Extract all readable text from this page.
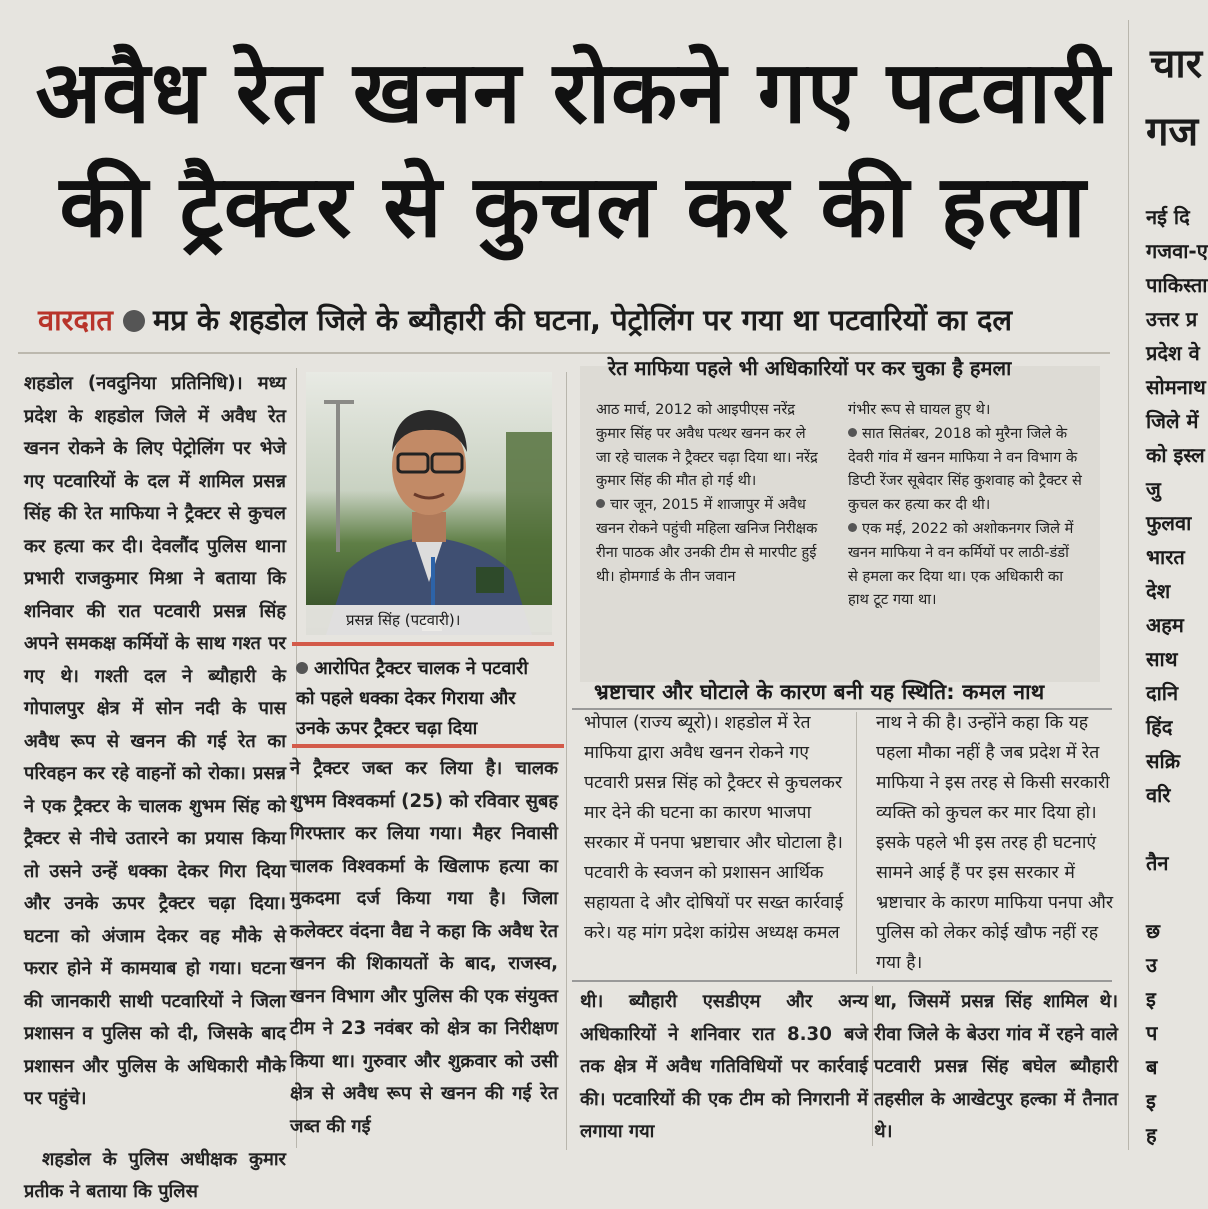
चार
गज
नई दि
गजवा-ए
पाकिस्ता
उत्तर प्र
प्रदेश वे
सोमनाथ
जिले में
को इस्ल
जु
फुलवा
भारत
देश
अहम
साथ
दानि
हिंद
सक्रि
वरि

तैन

छ
उ
इ
प
ब
इ
ह
अवैध रेत खनन रोकने गए पटवारी
की ट्रैक्टर से कुचल कर की हत्या
वारदात मप्र के शहडोल जिले के ब्यौहारी की घटना, पेट्रोलिंग पर गया था पटवारियों का दल

शहडोल (नवदुनिया प्रतिनिधि)। मध्य प्रदेश के शहडोल जिले में अवैध रेत खनन रोकने के लिए पेट्रोलिंग पर भेजे गए पटवारियों के दल में शामिल प्रसन्न सिंह की रेत माफिया ने ट्रैक्टर से कुचल कर हत्या कर दी। देवलौंद पुलिस थाना प्रभारी राजकुमार मिश्रा ने बताया कि शनिवार की रात पटवारी प्रसन्न सिंह अपने समकक्ष कर्मियों के साथ गश्त पर गए थे। गश्ती दल ने ब्यौहारी के गोपालपुर क्षेत्र में सोन नदी के पास अवैध रूप से खनन की गई रेत का परिवहन कर रहे वाहनों को रोका। प्रसन्न ने एक ट्रैक्टर के चालक शुभम सिंह को ट्रैक्टर से नीचे उतारने का प्रयास किया तो उसने उन्हें धक्का देकर गिरा दिया और उनके ऊपर ट्रैक्टर चढ़ा दिया। घटना को अंजाम देकर वह मौके से फरार होने में कामयाब हो गया। घटना की जानकारी साथी पटवारियों ने जिला प्रशासन व पुलिस को दी, जिसके बाद प्रशासन और पुलिस के अधिकारी मौके पर पहुंचे।

शहडोल के पुलिस अधीक्षक कुमार प्रतीक ने बताया कि पुलिस

प्रसन्न सिंह (पटवारी)।
आरोपित ट्रैक्टर चालक ने पटवारी को पहले धक्का देकर गिराया और उनके ऊपर ट्रैक्टर चढ़ा दिया
ने ट्रैक्टर जब्त कर लिया है। चालक शुभम विश्वकर्मा (25) को रविवार सुबह गिरफ्तार कर लिया गया। मैहर निवासी चालक विश्वकर्मा के खिलाफ हत्या का मुकदमा दर्ज किया गया है। जिला कलेक्टर वंदना वैद्य ने कहा कि अवैध रेत खनन की शिकायतों के बाद, राजस्व, खनन विभाग और पुलिस की एक संयुक्त टीम ने 23 नवंबर को क्षेत्र का निरीक्षण किया था। गुरुवार और शुक्रवार को उसी क्षेत्र से अवैध रूप से खनन की गई रेत जब्त की गई
रेत माफिया पहले भी अधिकारियों पर कर चुका है हमला

आठ मार्च, 2012 को आइपीएस नरेंद्र कुमार सिंह पर अवैध पत्थर खनन कर ले जा रहे चालक ने ट्रैक्टर चढ़ा दिया था। नरेंद्र कुमार सिंह की मौत हो गई थी।

चार जून, 2015 में शाजापुर में अवैध खनन रोकने पहुंची महिला खनिज निरीक्षक रीना पाठक और उनकी टीम से मारपीट हुई थी। होमगार्ड के तीन जवान

गंभीर रूप से घायल हुए थे।

सात सितंबर, 2018 को मुरैना जिले के देवरी गांव में खनन माफिया ने वन विभाग के डिप्टी रेंजर सूबेदार सिंह कुशवाह को ट्रैक्टर से कुचल कर हत्या कर दी थी।

एक मई, 2022 को अशोकनगर जिले में खनन माफिया ने वन कर्मियों पर लाठी-डंडों से हमला कर दिया था। एक अधिकारी का हाथ टूट गया था।

भ्रष्टाचार और घोटाले के कारण बनी यह स्थिति: कमल नाथ
भोपाल (राज्य ब्यूरो)। शहडोल में रेत माफिया द्वारा अवैध खनन रोकने गए पटवारी प्रसन्न सिंह को ट्रैक्टर से कुचलकर मार देने की घटना का कारण भाजपा सरकार में पनपा भ्रष्टाचार और घोटाला है। पटवारी के स्वजन को प्रशासन आर्थिक सहायता दे और दोषियों पर सख्त कार्रवाई करे। यह मांग प्रदेश कांग्रेस अध्यक्ष कमल
नाथ ने की है। उन्होंने कहा कि यह पहला मौका नहीं है जब प्रदेश में रेत माफिया ने इस तरह से किसी सरकारी व्यक्ति को कुचल कर मार दिया हो। इसके पहले भी इस तरह ही घटनाएं सामने आई हैं पर इस सरकार में भ्रष्टाचार के कारण माफिया पनपा और पुलिस को लेकर कोई खौफ नहीं रह गया है।
थी। ब्यौहारी एसडीएम और अन्य अधिकारियों ने शनिवार रात 8.30 बजे तक क्षेत्र में अवैध गतिविधियों पर कार्रवाई की। पटवारियों की एक टीम को निगरानी में लगाया गया
था, जिसमें प्रसन्न सिंह शामिल थे। रीवा जिले के बेउरा गांव में रहने वाले पटवारी प्रसन्न सिंह बघेल ब्यौहारी तहसील के आखेटपुर हल्का में तैनात थे।
